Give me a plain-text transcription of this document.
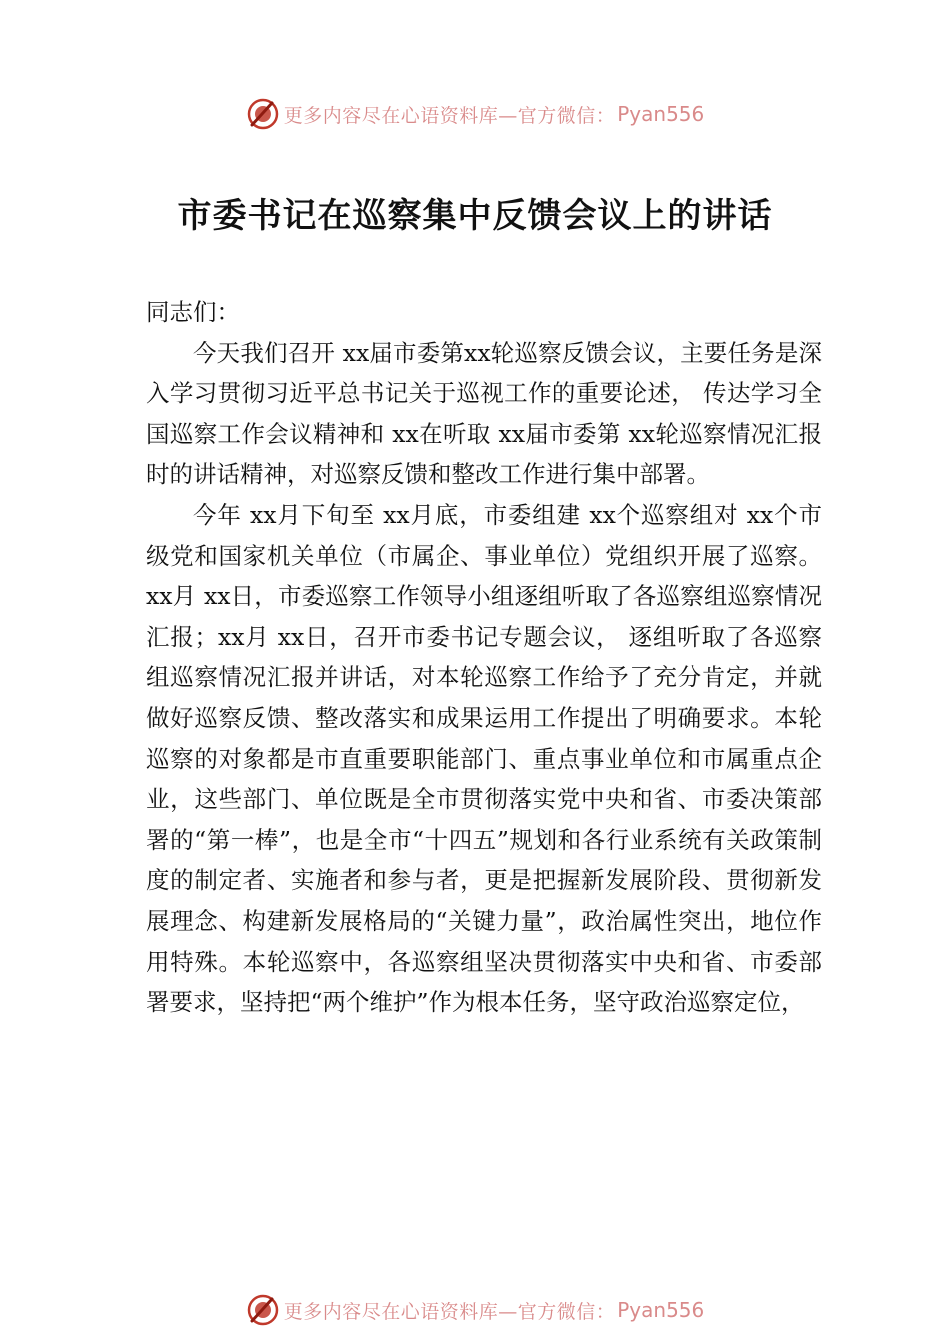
更多内容尽在心语资料库—官方微信： Pyan556
市委书记在巡察集中反馈会议上的讲话

同志们：

今天我们召开 xx届市委第xx轮巡察反馈会议，主要任务是深入学习贯彻习近平总书记关于巡视工作的重要论述， 传达学习全国巡察工作会议精神和 xx在听取 xx届市委第 xx轮巡察情况汇报时的讲话精神，对巡察反馈和整改工作进行集中部署。

今年 xx月下旬至 xx月底，市委组建 xx个巡察组对 xx个市级党和国家机关单位（市属企、事业单位）党组织开展了巡察。xx月 xx日，市委巡察工作领导小组逐组听取了各巡察组巡察情况汇报；xx月 xx日，召开市委书记专题会议， 逐组听取了各巡察组巡察情况汇报并讲话，对本轮巡察工作给予了充分肯定，并就做好巡察反馈、整改落实和成果运用工作提出了明确要求。本轮巡察的对象都是市直重要职能部门、重点事业单位和市属重点企业，这些部门、单位既是全市贯彻落实党中央和省、市委决策部署的“第一棒”，也是全市“十四五”规划和各行业系统有关政策制度的制定者、实施者和参与者，更是把握新发展阶段、贯彻新发展理念、构建新发展格局的“关键力量”，政治属性突出，地位作用特殊。本轮巡察中，各巡察组坚决贯彻落实中央和省、市委部署要求，坚持把“两个维护”作为根本任务，坚守政治巡察定位，

更多内容尽在心语资料库—官方微信： Pyan556
